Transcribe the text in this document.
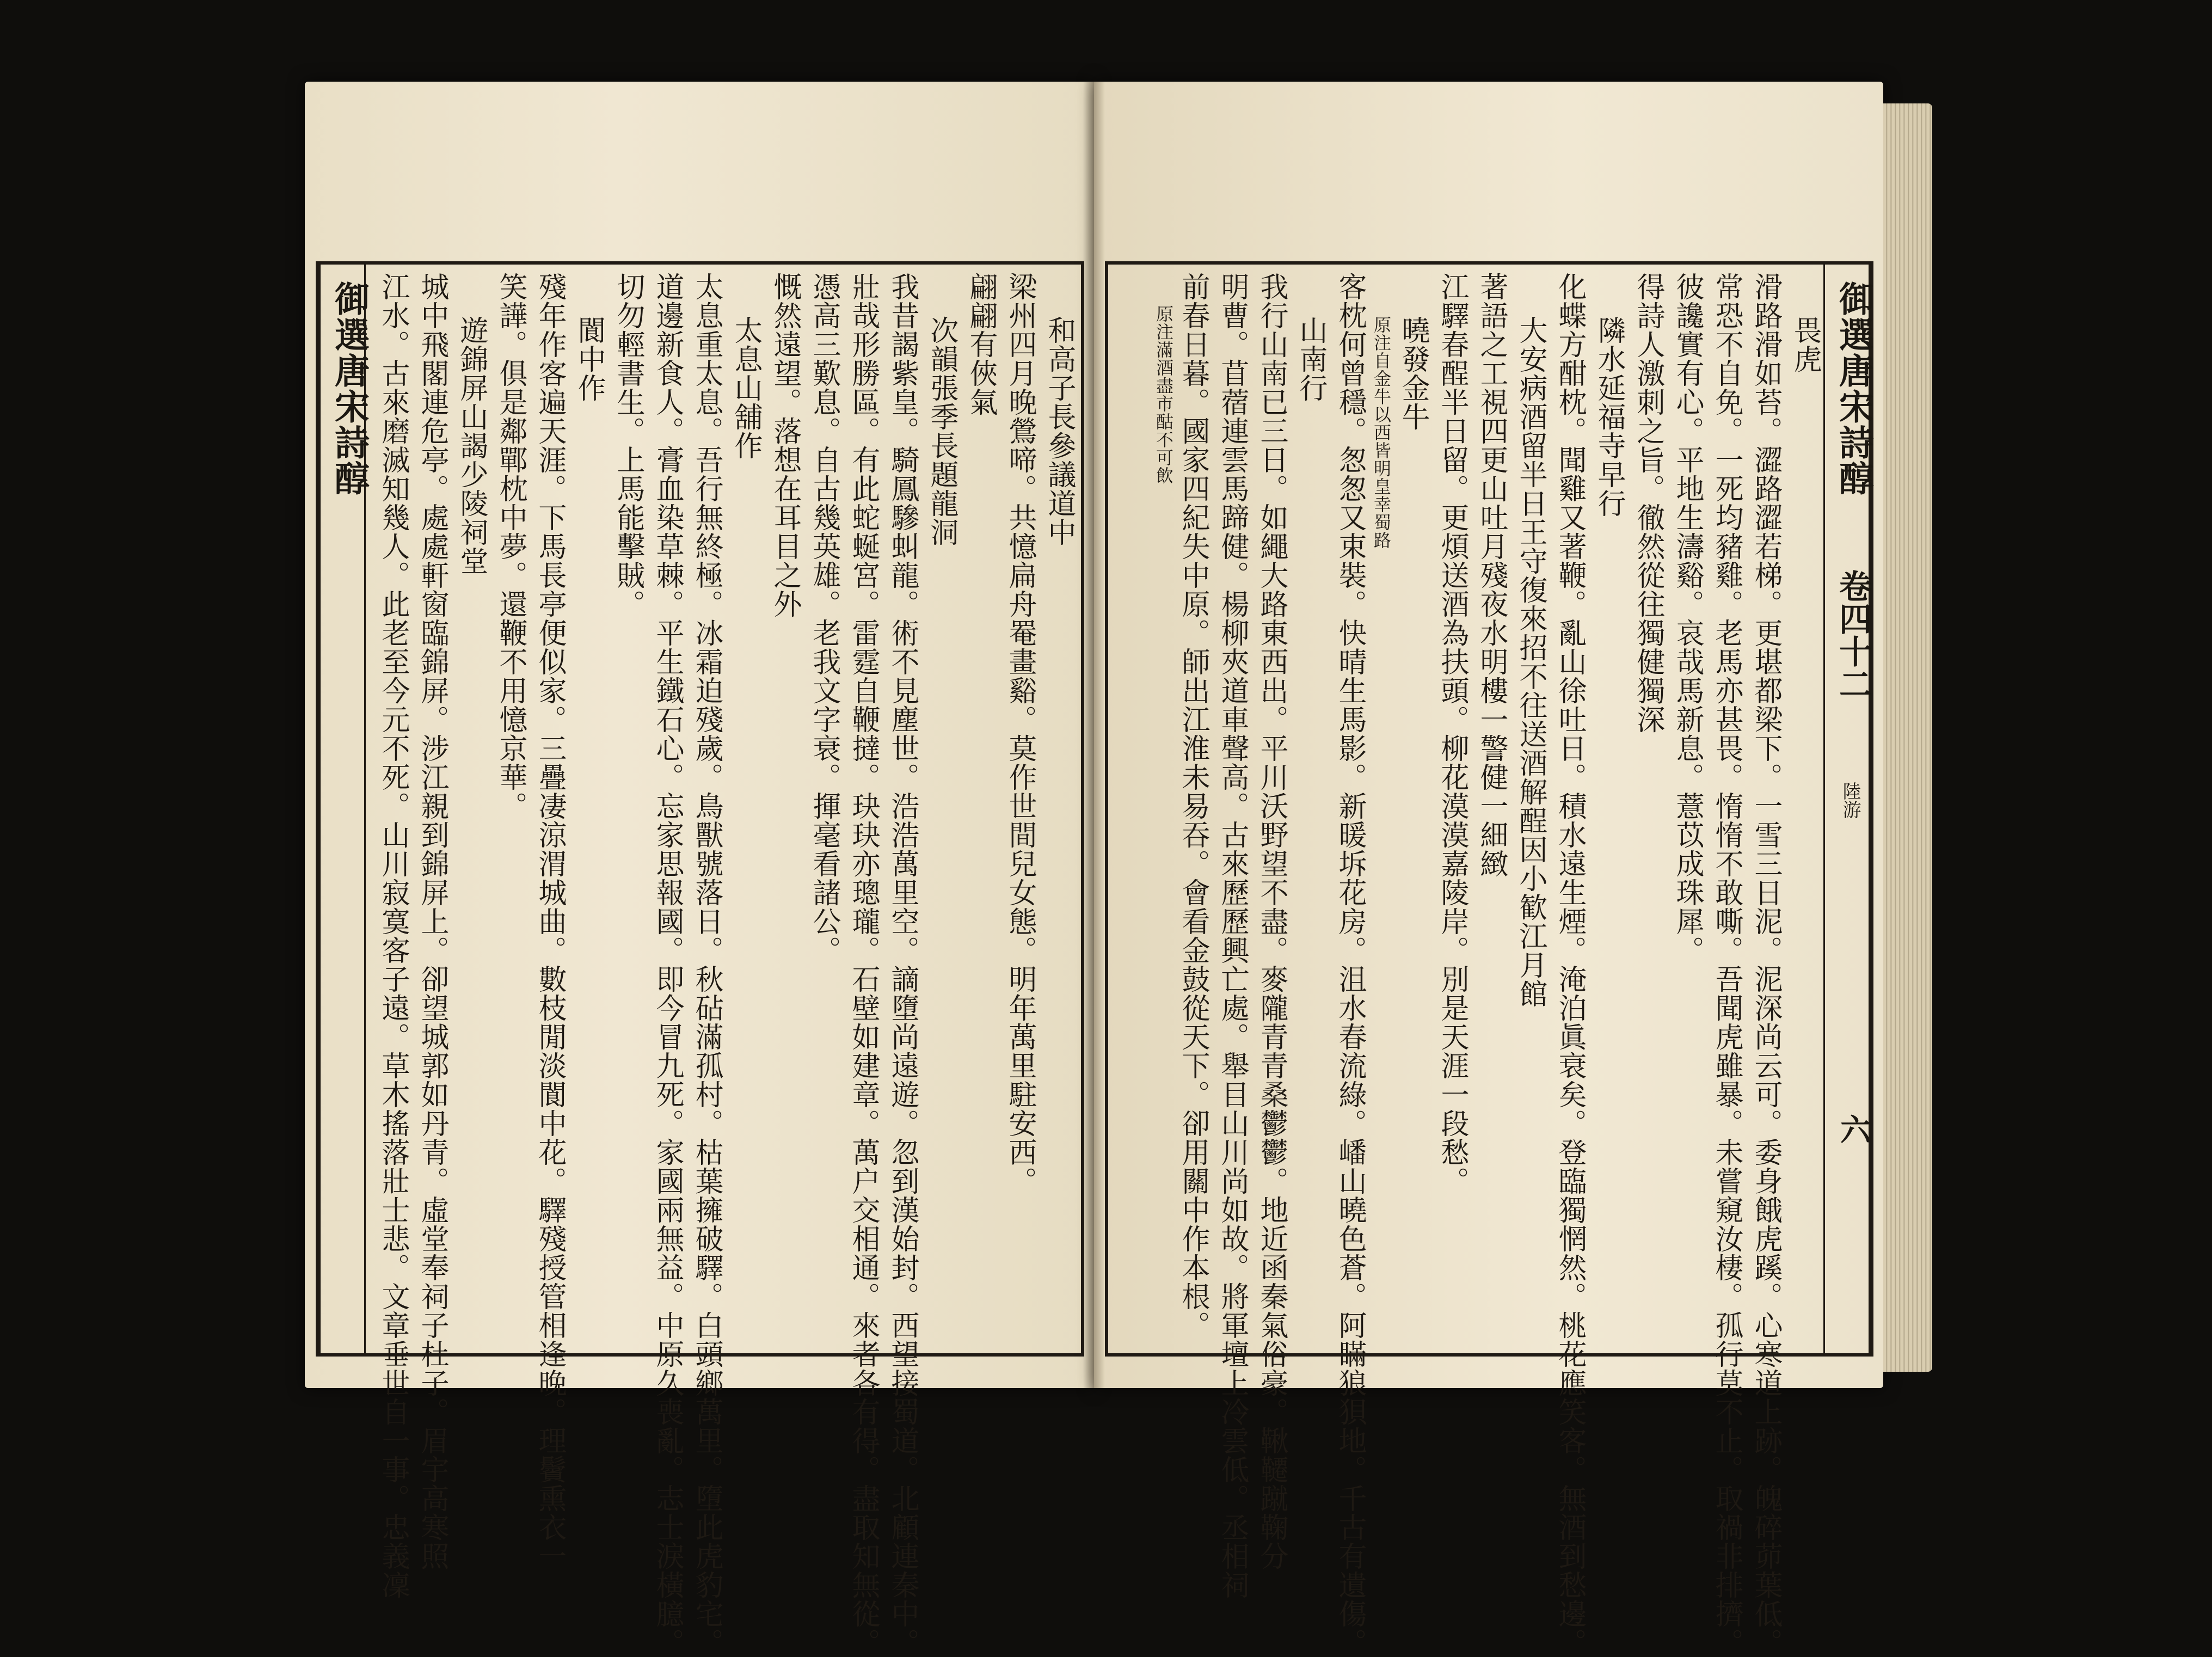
御選唐宋詩醇	和高子長參議道中
梁州四月晚鶯啼。共憶扁舟罨畫谿。莫作世間兒女態。明年萬里駐安西。
翩翩有俠氣
次韻張季長題龍洞
我昔謁紫皇。騎鳳驂虯龍。術不見塵世。浩浩萬里空。謫墮尚遠遊。忽到漢始封。西望接蜀道。北顧連秦中。
壯哉形勝區。有此蛇蜒宮。雷霆自鞭撻。玦玦亦璁瓏。石壁如建章。萬户交相通。來者各有得。盡取知無從。
憑高三歎息。自古幾英雄。老我文字衰。揮毫看諸公。
慨然遠望。落想在耳目之外
太息山舖作
太息重太息。吾行無終極。冰霜迫殘歲。鳥獸號落日。秋砧滿孤村。枯葉擁破驛。白頭鄉萬里。墮此虎豹宅。
道邊新食人。膏血染草棘。平生鐵石心。忘家思報國。即今冒九死。家國兩無益。中原久喪亂。志士淚橫臆。
切勿輕書生。上馬能擊賊。
閬中作
殘年作客遍天涯。下馬長亭便似家。三疊凄涼渭城曲。數枝閒淡閬中花。驛殘授管相逢晚。理鬢熏衣一
笑譁。俱是鄰鄲枕中夢。還鞭不用憶京華。
遊錦屏山謁少陵祠堂
城中飛閣連危亭。處處軒窗臨錦屏。涉江親到錦屏上。卻望城郭如丹青。虛堂奉祠子杜子。眉宇高寒照
江水。古來磨滅知幾人。此老至今元不死。山川寂寞客子遠。草木搖落壯士悲。文章垂世自一事。忠義凜	御選唐宋詩醇
卷四十二
陸游
六
畏虎
滑路滑如苔。澀路澀若梯。更堪都梁下。一雪三日泥。泥深尚云可。委身餓虎蹊。心寒道上跡。魄碎茆葉低。
常恐不自免。一死均豬雞。老馬亦甚畏。惰惰不敢嘶。吾聞虎雖暴。未嘗窺汝棲。孤行莫不止。取禍非排擠。
彼讒實有心。平地生濤谿。哀哉馬新息。薏苡成珠犀。
得詩人激刺之旨。徹然從往獨健獨深
隣水延福寺早行
化蝶方酣枕。聞雞又著鞭。亂山徐吐日。積水遠生煙。淹泊眞衰矣。登臨獨惘然。桃花應笑客。無酒到愁邊。
大安病酒留半日王守復來招不往送酒解酲因小歓江月館
著語之工視四更山吐月殘夜水明樓一警健一細緻
江驛春酲半日留。更煩送酒為扶頭。柳花漠漠嘉陵岸。別是天涯一段愁。
曉發金牛
原注自金牛以西皆明皇幸蜀路
客枕何曾穩。怱怱又束裝。快晴生馬影。新暖坼花房。沮水春流綠。嶓山曉色蒼。阿瞞狼狽地。千古有遺傷。
山南行
我行山南已三日。如繩大路東西出。平川沃野望不盡。麥隴青青桑鬱鬱。地近函秦氣俗豪。鞦韆蹴鞠分
明曹。苜蓿連雲馬蹄健。楊柳夾道車聲高。古來歷歷興亡處。舉目山川尚如故。將軍壇上冷雲低。丞相祠
前春日暮。國家四紀失中原。師出江淮未易吞。會看金鼓從天下。卻用關中作本根。
原注滿酒盡市酤不可飲
